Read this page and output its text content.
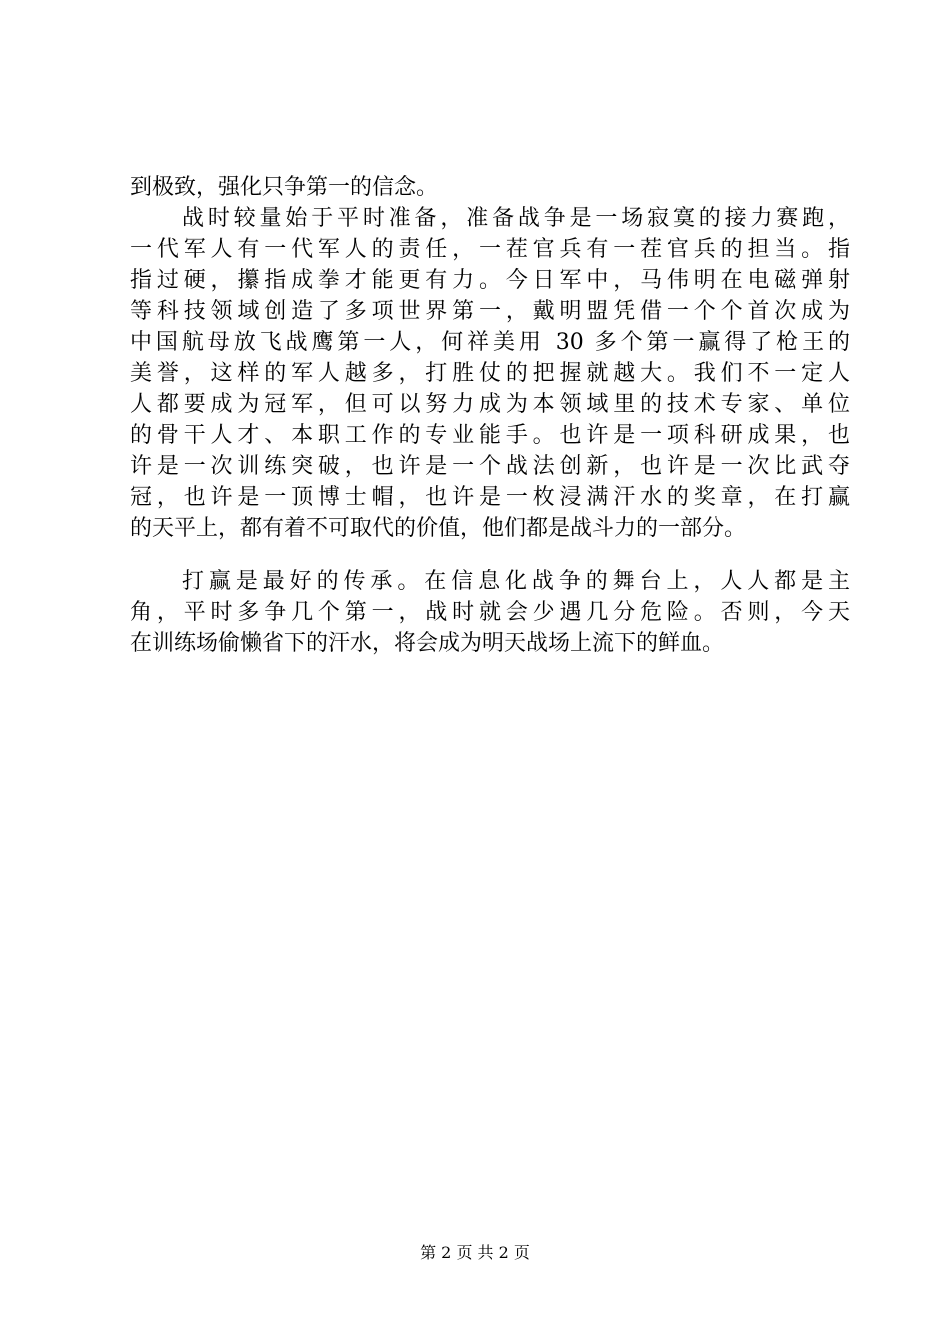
到极致，强化只争第一的信念。
战时较量始于平时准备，准备战争是一场寂寞的接力赛跑，
一代军人有一代军人的责任，一茬官兵有一茬官兵的担当。指
指过硬，攥指成拳才能更有力。今日军中，马伟明在电磁弹射
等科技领域创造了多项世界第一，戴明盟凭借一个个首次成为
中国航母放飞战鹰第一人，何祥美用 30 多个第一赢得了枪王的
美誉，这样的军人越多，打胜仗的把握就越大。我们不一定人
人都要成为冠军，但可以努力成为本领域里的技术专家、单位
的骨干人才、本职工作的专业能手。也许是一项科研成果，也
许是一次训练突破，也许是一个战法创新，也许是一次比武夺
冠，也许是一顶博士帽，也许是一枚浸满汗水的奖章，在打赢
的天平上，都有着不可取代的价值，他们都是战斗力的一部分。
打赢是最好的传承。在信息化战争的舞台上，人人都是主
角，平时多争几个第一，战时就会少遇几分危险。否则，今天
在训练场偷懒省下的汗水，将会成为明天战场上流下的鲜血。
第 2 页 共 2 页
